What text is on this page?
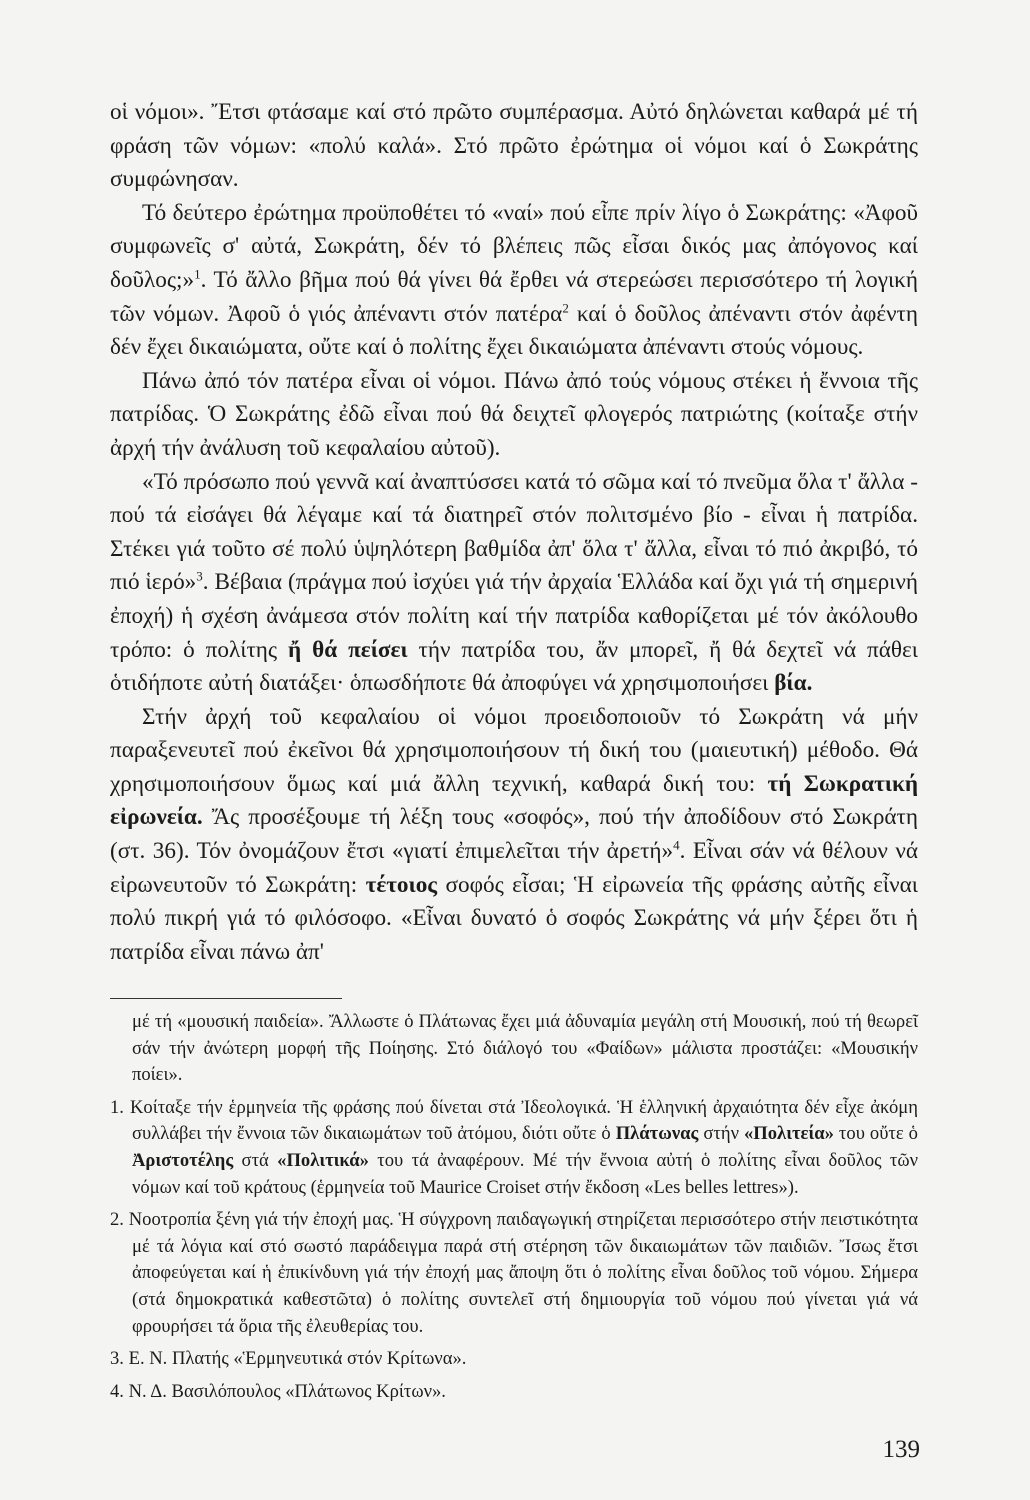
οἱ νόμοι». Ἔτσι φτάσαμε καί στό πρῶτο συμπέρασμα. Αὐτό δηλώνεται καθαρά μέ τή φράση τῶν νόμων: «πολύ καλά». Στό πρῶτο ἐρώτημα οἱ νόμοι καί ὁ Σωκράτης συμφώνησαν.

Τό δεύτερο ἐρώτημα προϋποθέτει τό «ναί» πού εἶπε πρίν λίγο ὁ Σωκράτης: «Ἀφοῦ συμφωνεῖς σ' αὐτά, Σωκράτη, δέν τό βλέπεις πῶς εἶσαι δικός μας ἀπόγονος καί δοῦλος;»$^1$. Τό ἄλλο βῆμα πού θά γίνει θά ἔρθει νά στερεώσει περισσότερο τή λογική τῶν νόμων. Ἀφοῦ ὁ γιός ἀπέναντι στόν πατέρα$^2$ καί ὁ δοῦλος ἀπέναντι στόν ἀφέντη δέν ἔχει δικαιώματα, οὔτε καί ὁ πολίτης ἔχει δικαιώματα ἀπέναντι στούς νόμους.

Πάνω ἀπό τόν πατέρα εἶναι οἱ νόμοι. Πάνω ἀπό τούς νόμους στέκει ἡ ἔννοια τῆς πατρίδας. Ὁ Σωκράτης ἐδῶ εἶναι πού θά δειχτεῖ φλογερός πατριώτης (κοίταξε στήν ἀρχή τήν ἀνάλυση τοῦ κεφαλαίου αὐτοῦ).

«Τό πρόσωπο πού γεννᾶ καί ἀναπτύσσει κατά τό σῶμα καί τό πνεῦμα ὅλα τ' ἄλλα - πού τά εἰσάγει θά λέγαμε καί τά διατηρεῖ στόν πολιτσμένο βίο - εἶναι ἡ πατρίδα. Στέκει γιά τοῦτο σέ πολύ ὑψηλότερη βαθμίδα ἀπ' ὅλα τ' ἄλλα, εἶναι τό πιό ἀκριβό, τό πιό ἱερό»$^3$. Βέβαια (πράγμα πού ἰσχύει γιά τήν ἀρχαία Ἑλλάδα καί ὄχι γιά τή σημερινή ἐποχή) ἡ σχέση ἀνάμεσα στόν πολίτη καί τήν πατρίδα καθορίζεται μέ τόν ἀκόλουθο τρόπο: ὁ πολίτης ἤ θά πείσει τήν πατρίδα του, ἄν μπορεῖ, ἤ θά δεχτεῖ νά πάθει ὁτιδήποτε αὐτή διατάξει· ὁπωσδήποτε θά ἀποφύγει νά χρησιμοποιήσει βία.

Στήν ἀρχή τοῦ κεφαλαίου οἱ νόμοι προειδοποιοῦν τό Σωκράτη νά μήν παραξενευτεῖ πού ἐκεῖνοι θά χρησιμοποιήσουν τή δική του (μαιευτική) μέθοδο. Θά χρησιμοποιήσουν ὅμως καί μιά ἄλλη τεχνική, καθαρά δική του: τή Σωκρατική εἰρωνεία. Ἄς προσέξουμε τή λέξη τους «σοφός», πού τήν ἀποδίδουν στό Σωκράτη (στ. 36). Τόν ὀνομάζουν ἔτσι «γιατί ἐπιμελεῖται τήν ἀρετή»$^4$. Εἶναι σάν νά θέλουν νά εἰρωνευτοῦν τό Σωκράτη: τέτοιος σοφός εἶσαι; Ἡ εἰρωνεία τῆς φράσης αὐτῆς εἶναι πολύ πικρή γιά τό φιλόσοφο. «Εἶναι δυνατό ὁ σοφός Σωκράτης νά μήν ξέρει ὅτι ἡ πατρίδα εἶναι πάνω ἀπ'

μέ τή «μουσική παιδεία». Ἄλλωστε ὁ Πλάτωνας ἔχει μιά ἀδυναμία μεγάλη στή Μουσική, πού τή θεωρεῖ σάν τήν ἀνώτερη μορφή τῆς Ποίησης. Στό διάλογό του «Φαίδων» μάλιστα προστάζει: «Μουσικήν ποίει».

1. Κοίταξε τήν ἑρμηνεία τῆς φράσης πού δίνεται στά Ἰδεολογικά. Ἡ ἑλληνική ἀρχαιότητα δέν εἶχε ἀκόμη συλλάβει τήν ἔννοια τῶν δικαιωμάτων τοῦ ἀτόμου, διότι οὔτε ὁ Πλάτωνας στήν «Πολιτεία» του οὔτε ὁ Ἀριστοτέλης στά «Πολιτικά» του τά ἀναφέρουν. Μέ τήν ἔννοια αὐτή ὁ πολίτης εἶναι δοῦλος τῶν νόμων καί τοῦ κράτους (ἑρμηνεία τοῦ Maurice Croiset στήν ἔκδοση «Les belles lettres»).

2. Νοοτροπία ξένη γιά τήν ἐποχή μας. Ἡ σύγχρονη παιδαγωγική στηρίζεται περισσότερο στήν πειστικότητα μέ τά λόγια καί στό σωστό παράδειγμα παρά στή στέρηση τῶν δικαιωμάτων τῶν παιδιῶν. Ἴσως ἔτσι ἀποφεύγεται καί ἡ ἐπικίνδυνη γιά τήν ἐποχή μας ἄποψη ὅτι ὁ πολίτης εἶναι δοῦλος τοῦ νόμου. Σήμερα (στά δημοκρατικά καθεστῶτα) ὁ πολίτης συντελεῖ στή δημιουργία τοῦ νόμου πού γίνεται γιά νά φρουρήσει τά ὅρια τῆς ἐλευθερίας του.

3. Ε. Ν. Πλατής «Ἑρμηνευτικά στόν Κρίτωνα».

4. Ν. Δ. Βασιλόπουλος «Πλάτωνος Κρίτων».

139
